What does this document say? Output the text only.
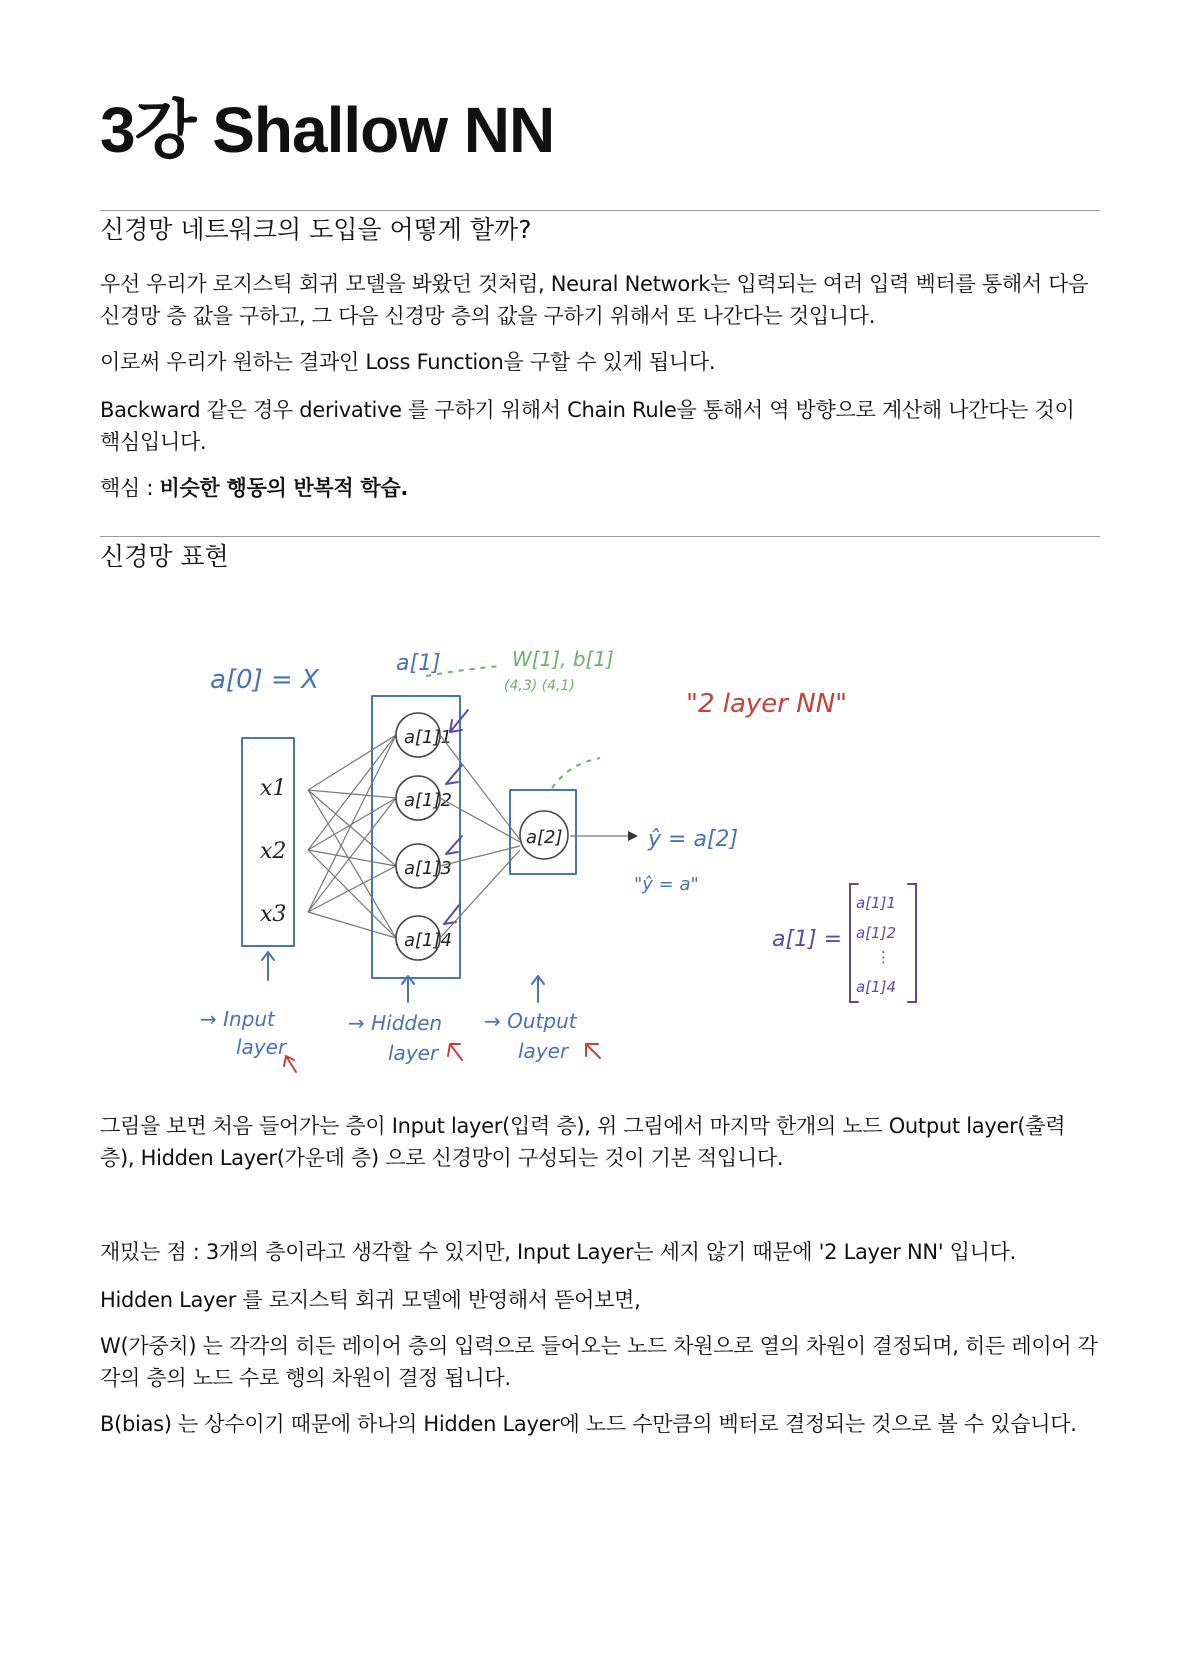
3강 Shallow NN
신경망 네트워크의 도입을 어떻게 할까?

우선 우리가 로지스틱 회귀 모델을 봐왔던 것처럼, Neural Network는 입력되는 여러 입력 벡터를 통해서 다음 신경망 층 값을 구하고, 그 다음 신경망 층의 값을 구하기 위해서 또 나간다는 것입니다.

이로써 우리가 원하는 결과인 Loss Function을 구할 수 있게 됩니다.

Backward 같은 경우 derivative 를 구하기 위해서 Chain Rule을 통해서 역 방향으로 계산해 나간다는 것이 핵심입니다.

핵심 : 비슷한 행동의 반복적 학습.

신경망 표현

그림을 보면 처음 들어가는 층이 Input layer(입력 층), 위 그림에서 마지막 한개의 노드 Output layer(출력 층), Hidden Layer(가운데 층) 으로 신경망이 구성되는 것이 기본 적입니다.

재밌는 점 : 3개의 층이라고 생각할 수 있지만, Input Layer는 세지 않기 때문에 '2 Layer NN' 입니다.

Hidden Layer 를 로지스틱 회귀 모델에 반영해서 뜯어보면,

W(가중치) 는 각각의 히든 레이어 층의 입력으로 들어오는 노드 차원으로 열의 차원이 결정되며, 히든 레이어 각각의 층의 노드 수로 행의 차원이 결정 됩니다.

B(bias) 는 상수이기 때문에 하나의 Hidden Layer에 노드 수만큼의 벡터로 결정되는 것으로 볼 수 있습니다.

a[0] = X
x1
x2
x3
a[1]1
a[1]2
a[1]3
a[1]4
a[2]
a[1]	W[1], b[1]
(4,3) (4,1)
ŷ = a[2]
"ŷ = a"
"2 layer NN"
a[1] =
a[1]1
a[1]2
⋮
a[1]4
→ Input
layer
→ Hidden
layer
→ Output
layer
